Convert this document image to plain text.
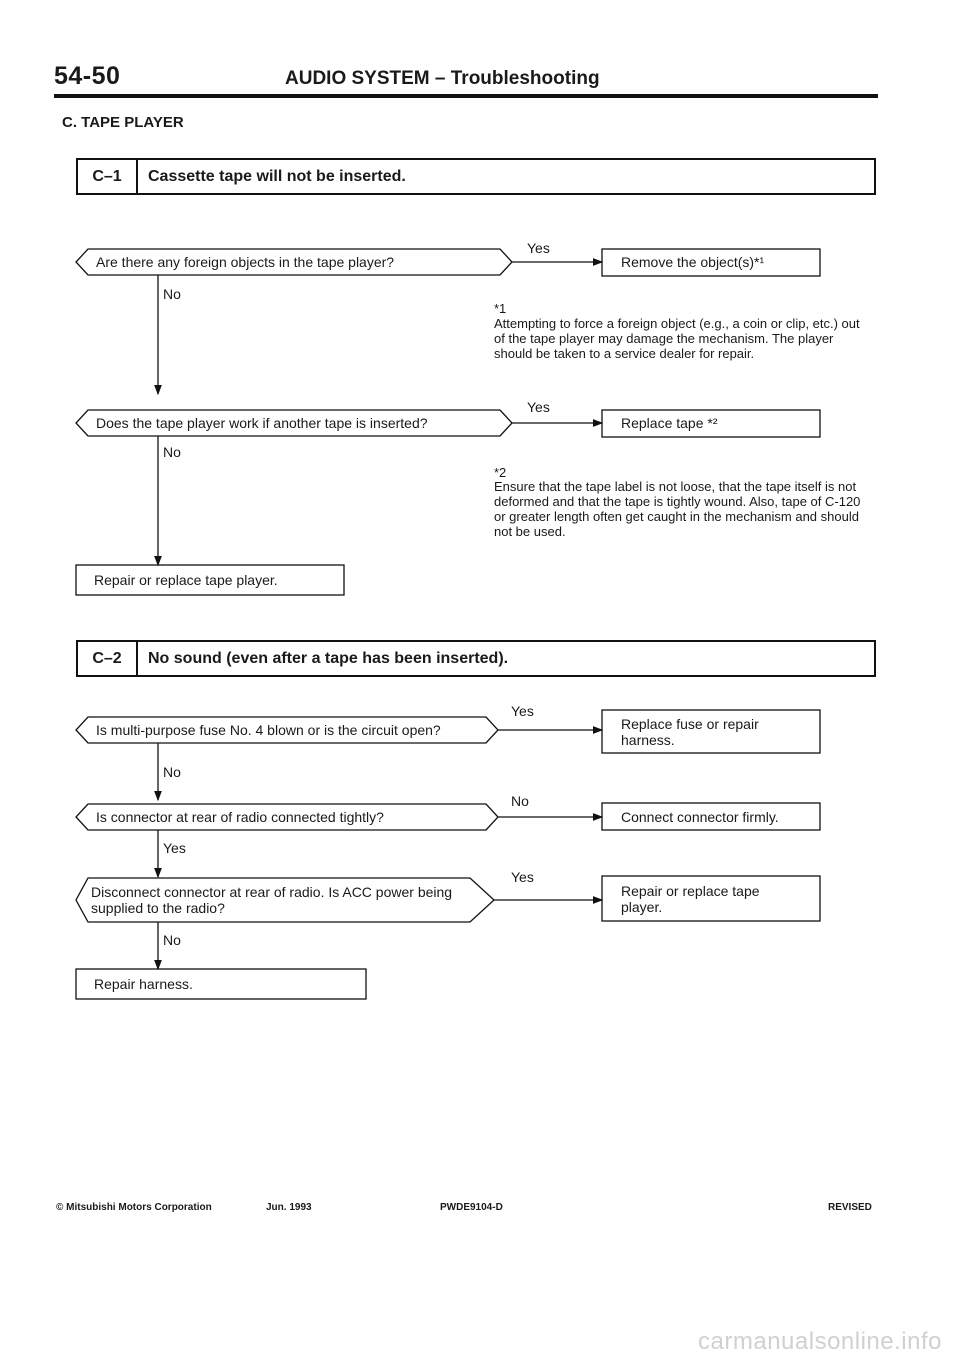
54-50	AUDIO SYSTEM – Troubleshooting
C. TAPE PLAYER
C–1	Cassette tape will not be inserted.
Are there any foreign objects in the tape player?
Yes
Remove the object(s)*¹
No
*1
Attempting to force a foreign object (e.g., a coin or clip, etc.) out of the tape player may damage the mechanism. The player should be taken to a service dealer for repair.
Does the tape player work if another tape is inserted?
Yes
Replace tape *²
No
*2
Ensure that the tape label is not loose, that the tape itself is not deformed and that the tape is tightly wound. Also, tape of C-120 or greater length often get caught in the mechanism and should not be used.
Repair or replace tape player.
C–2	No sound (even after a tape has been inserted).
Is multi-purpose fuse No. 4 blown or is the circuit open?
Yes
Replace fuse or repair harness.
No
Is connector at rear of radio connected tightly?
No
Connect connector firmly.
Yes
Disconnect connector at rear of radio. Is ACC power being supplied to the radio?
Yes
Repair or replace tape player.
No
Repair harness.
© Mitsubishi Motors Corporation	Jun. 1993	PWDE9104-D	REVISED
carmanualsonline.info
